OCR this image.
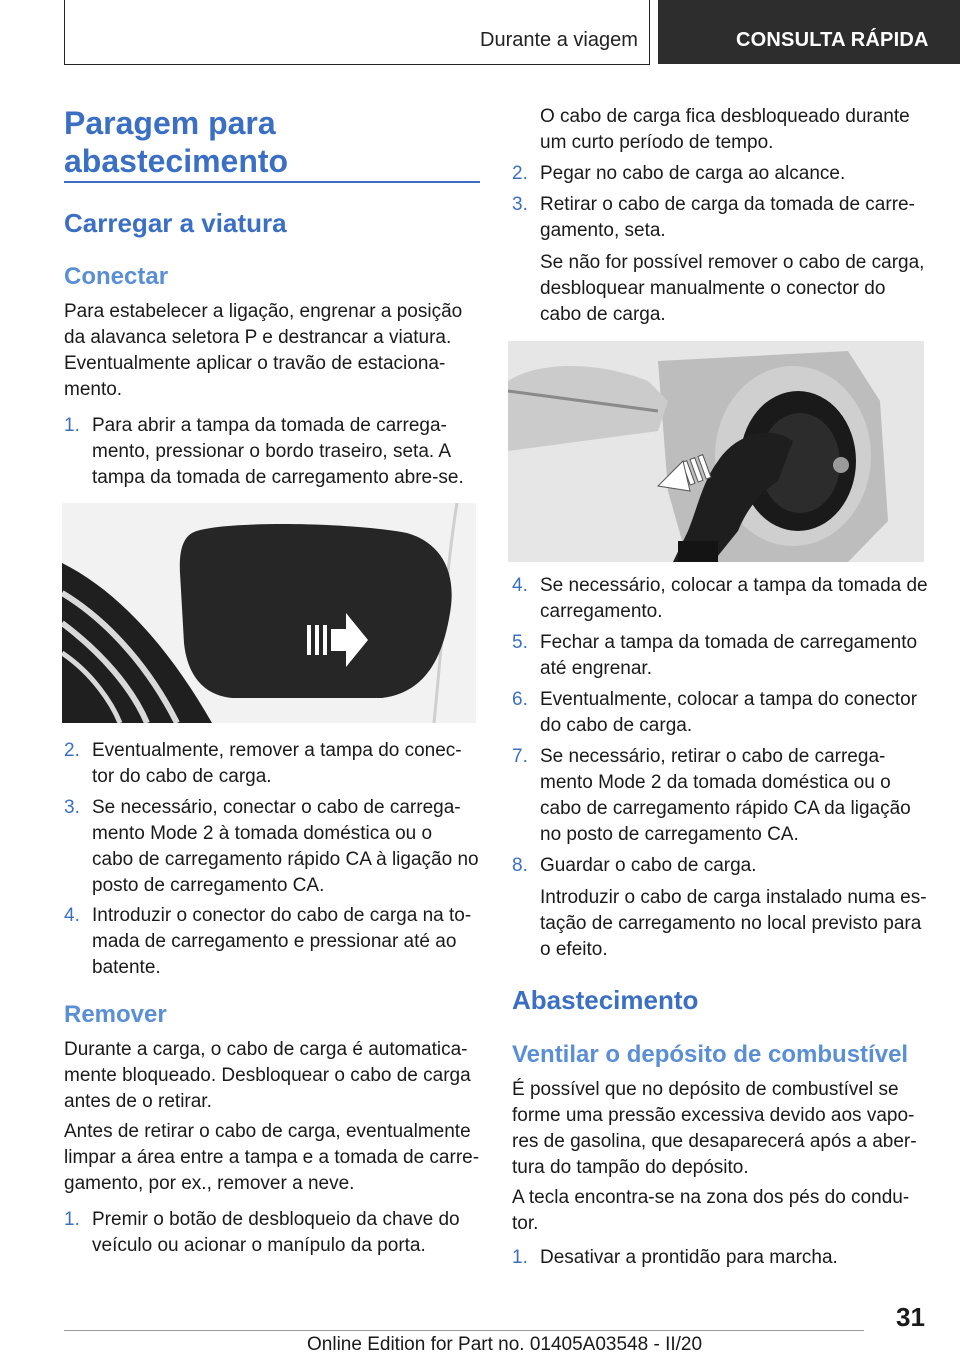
Durante a viagem	CONSULTA RÁPIDA
Paragem para
abastecimento
Carregar a viatura
Conectar
Para estabelecer a ligação, engrenar a posição
da alavanca seletora P e destrancar a viatura.
Eventualmente aplicar o travão de estaciona‐
mento.
1. Para abrir a tampa da tomada de carrega‐
mento, pressionar o bordo traseiro, seta. A
tampa da tomada de carregamento abre-se.
2. Eventualmente, remover a tampa do conec‐
tor do cabo de carga.
3. Se necessário, conectar o cabo de carrega‐
mento Mode 2 à tomada doméstica ou o
cabo de carregamento rápido CA à ligação no
posto de carregamento CA.
4. Introduzir o conector do cabo de carga na to‐
mada de carregamento e pressionar até ao
batente.
Remover
Durante a carga, o cabo de carga é automatica‐
mente bloqueado. Desbloquear o cabo de carga
antes de o retirar.
Antes de retirar o cabo de carga, eventualmente
limpar a área entre a tampa e a tomada de carre‐
gamento, por ex., remover a neve.
1. Premir o botão de desbloqueio da chave do
veículo ou acionar o manípulo da porta.
O cabo de carga fica desbloqueado durante
um curto período de tempo.
2. Pegar no cabo de carga ao alcance.
3. Retirar o cabo de carga da tomada de carre‐
gamento, seta.
Se não for possível remover o cabo de carga,
desbloquear manualmente o conector do
cabo de carga.
4. Se necessário, colocar a tampa da tomada de
carregamento.
5. Fechar a tampa da tomada de carregamento
até engrenar.
6. Eventualmente, colocar a tampa do conector
do cabo de carga.
7. Se necessário, retirar o cabo de carrega‐
mento Mode 2 da tomada doméstica ou o
cabo de carregamento rápido CA da ligação
no posto de carregamento CA.
8. Guardar o cabo de carga.
Introduzir o cabo de carga instalado numa es‐
tação de carregamento no local previsto para
o efeito.
Abastecimento
Ventilar o depósito de combustível
É possível que no depósito de combustível se
forme uma pressão excessiva devido aos vapo‐
res de gasolina, que desaparecerá após a aber‐
tura do tampão do depósito.
A tecla encontra-se na zona dos pés do condu‐
tor.
1. Desativar a prontidão para marcha.
31
Online Edition for Part no. 01405A03548 - II/20
